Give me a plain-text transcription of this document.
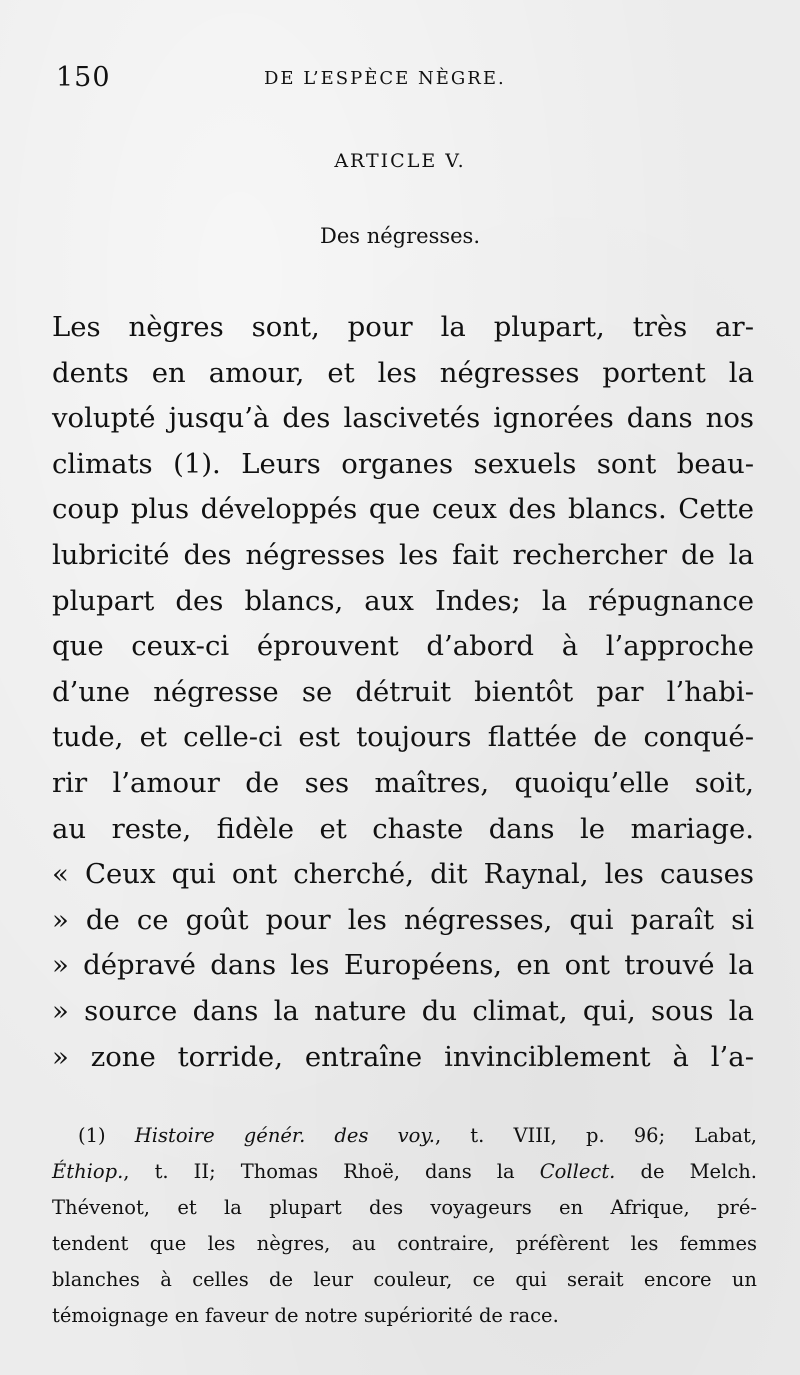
150	DE L’ESPÈCE NÈGRE.
ARTICLE V.
Des négresses.
Les nègres sont, pour la plupart, très ar-
dents en amour, et les négresses portent la
volupté jusqu’à des lascivetés ignorées dans nos
climats (1). Leurs organes sexuels sont beau-
coup plus développés que ceux des blancs. Cette
lubricité des négresses les fait rechercher de la
plupart des blancs, aux Indes; la répugnance
que ceux-ci éprouvent d’abord à l’approche
d’une négresse se détruit bientôt par l’habi-
tude, et celle-ci est toujours flattée de conqué-
rir l’amour de ses maîtres, quoiqu’elle soit,
au reste, fidèle et chaste dans le mariage.
« Ceux qui ont cherché, dit Raynal, les causes
» de ce goût pour les négresses, qui paraît si
» dépravé dans les Européens, en ont trouvé la
» source dans la nature du climat, qui, sous la
» zone torride, entraîne invinciblement à l’a-
(1) Histoire génér. des voy., t. VIII, p. 96; Labat,
Éthiop., t. II; Thomas Rhoë, dans la Collect. de Melch.
Thévenot, et la plupart des voyageurs en Afrique, pré-
tendent que les nègres, au contraire, préfèrent les femmes
blanches à celles de leur couleur, ce qui serait encore un
témoignage en faveur de notre supériorité de race.
